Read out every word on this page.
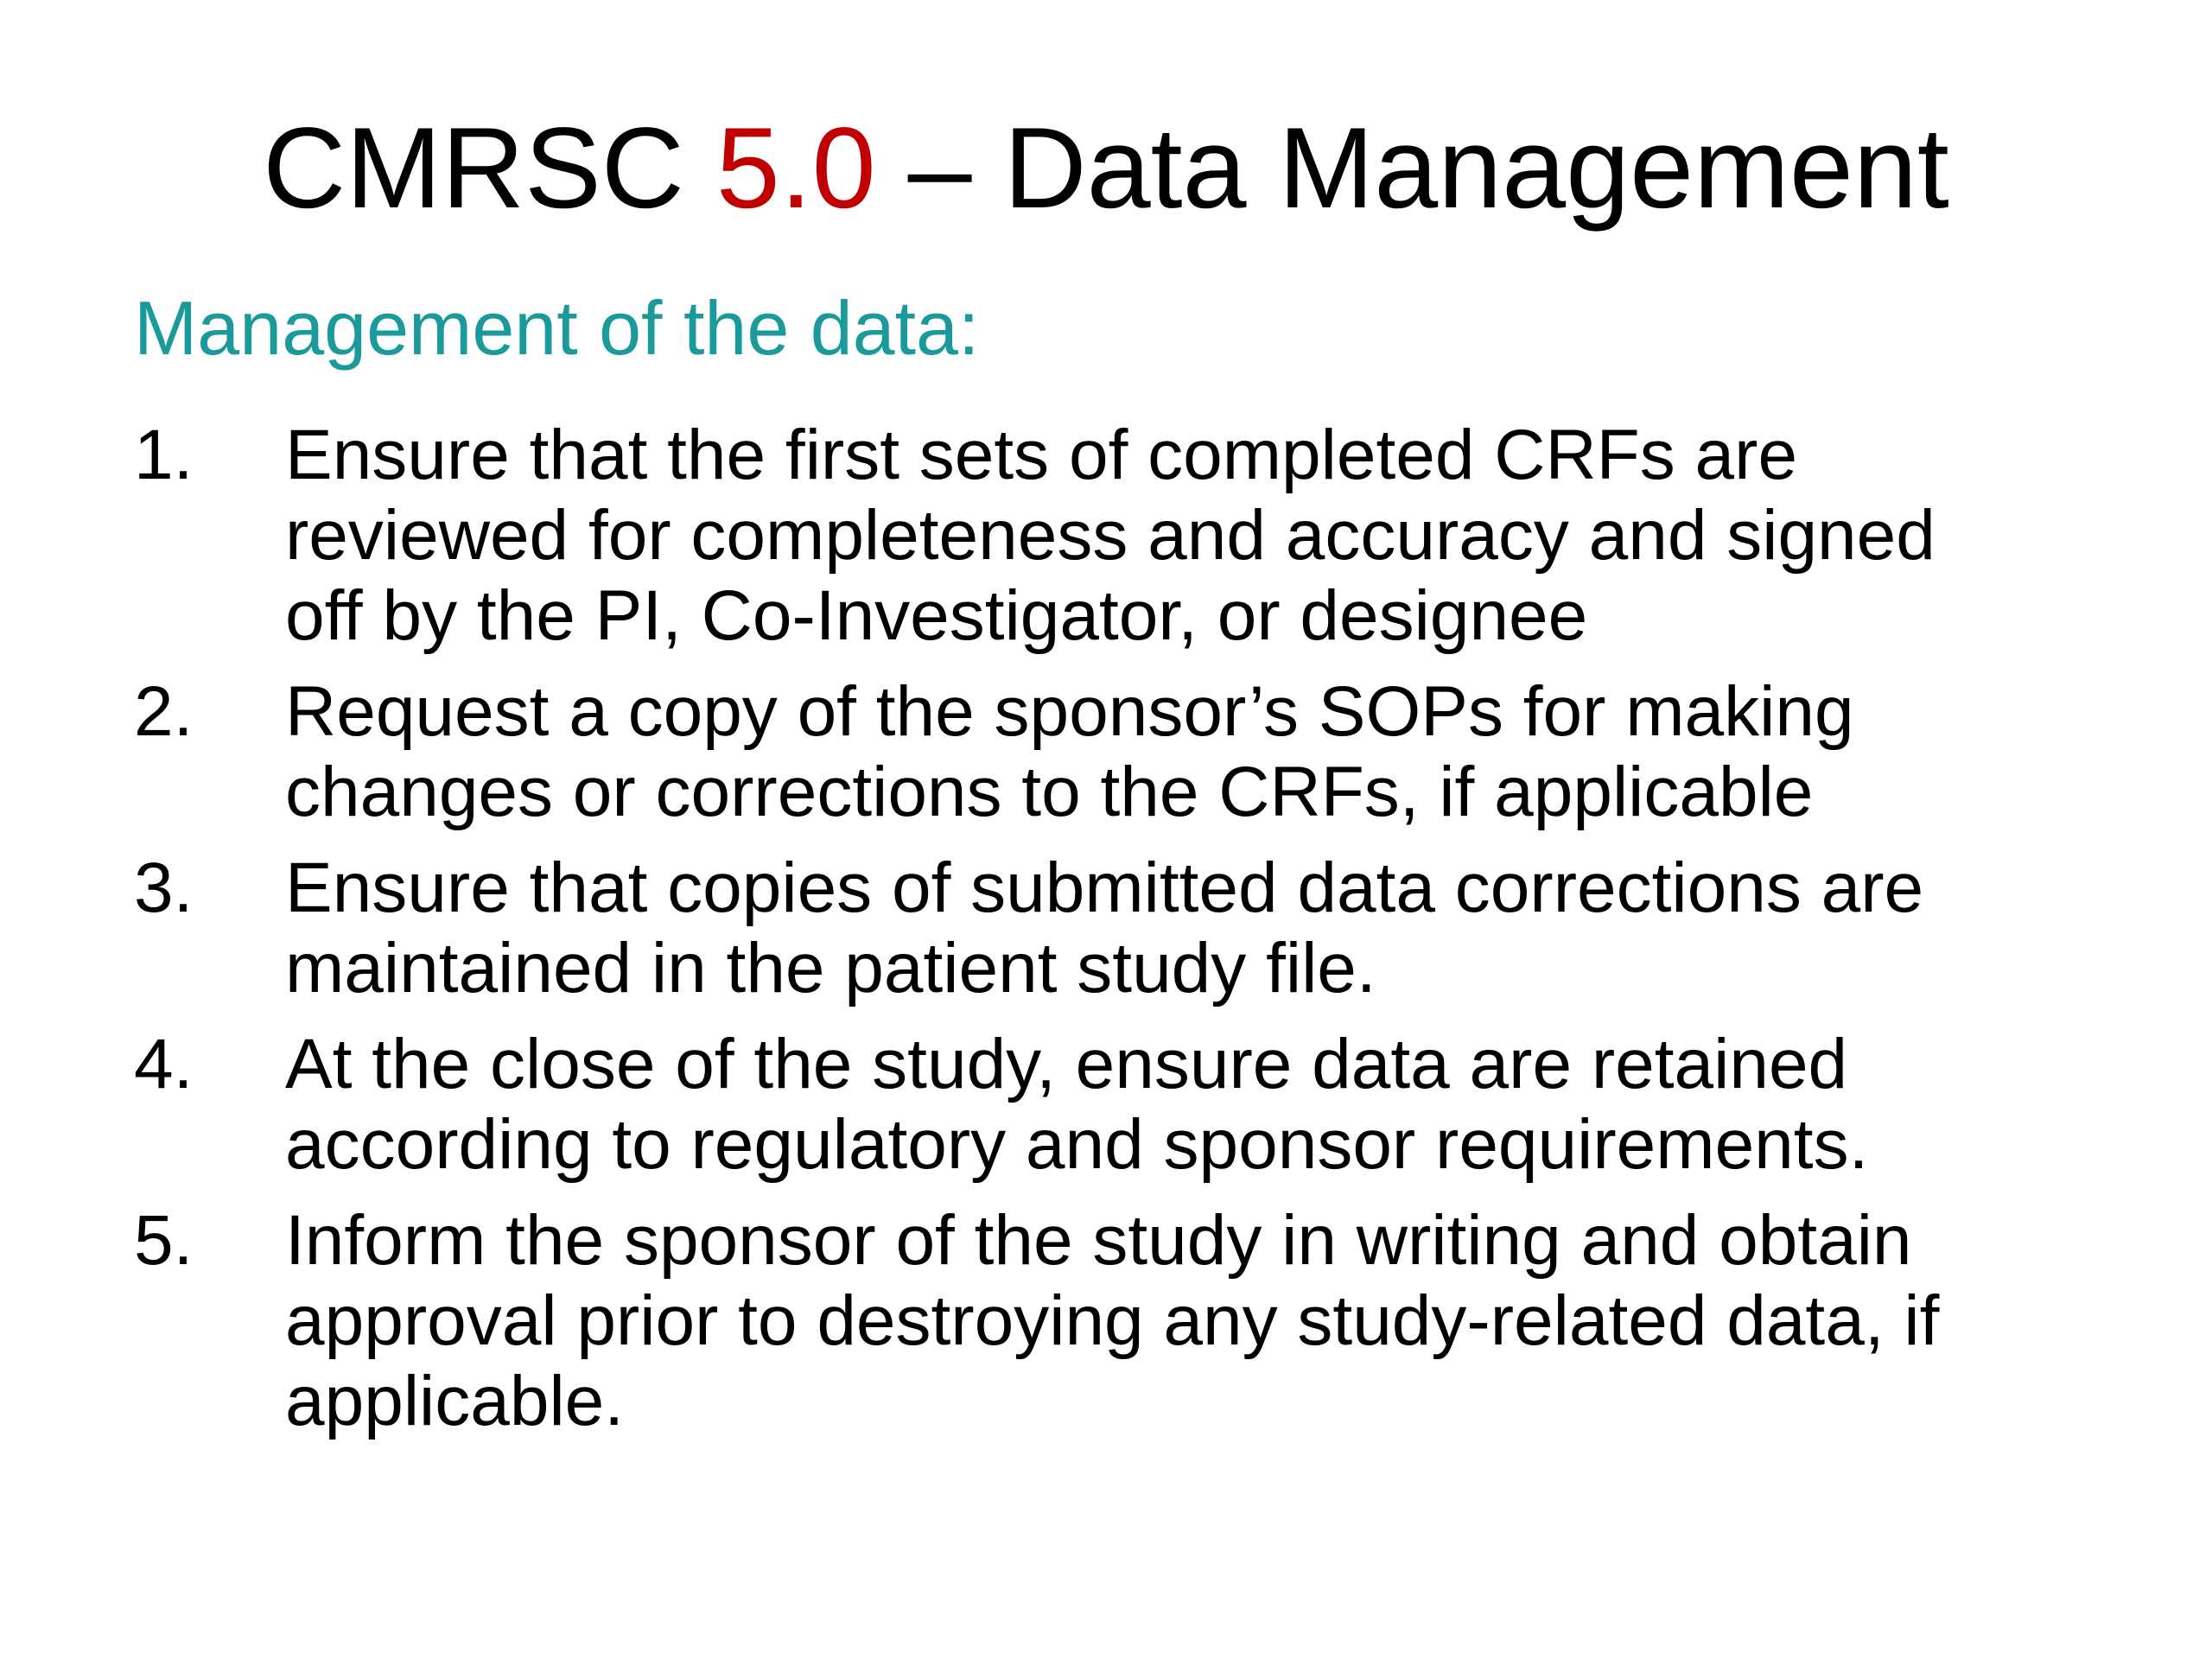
CMRSC 5.0 – Data Management

Management of the data:

1.	Ensure that the first sets of completed CRFs are
reviewed for completeness and accuracy and signed
off by the PI, Co-Investigator, or designee
2.	Request a copy of the sponsor’s SOPs for making
changes or corrections to the CRFs, if applicable
3.	Ensure that copies of submitted data corrections are
maintained in the patient study file.
4.	At the close of the study, ensure data are retained
according to regulatory and sponsor requirements.
5.	Inform the sponsor of the study in writing and obtain
approval prior to destroying any study-related data, if
applicable.
